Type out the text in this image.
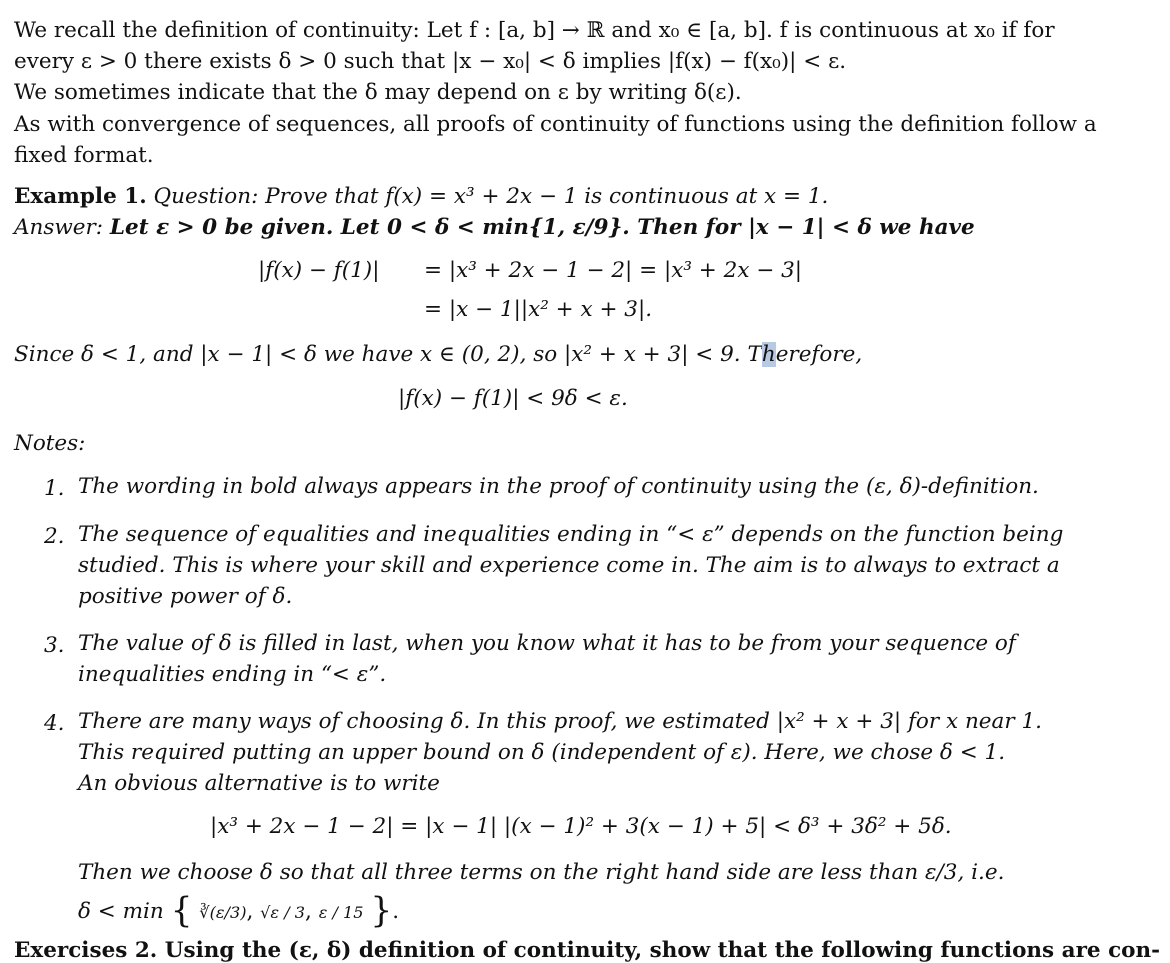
We recall the definition of continuity: Let f : [a, b] → ℝ and x₀ ∈ [a, b]. f is continuous at x₀ if for
every ε > 0 there exists δ > 0 such that |x − x₀| < δ implies |f(x) − f(x₀)| < ε.
We sometimes indicate that the δ may depend on ε by writing δ(ε).
As with convergence of sequences, all proofs of continuity of functions using the definition follow a
fixed format.
Example 1. Question: Prove that f(x) = x³ + 2x − 1 is continuous at x = 1.
Answer: Let ε > 0 be given. Let 0 < δ < min{1, ε/9}. Then for |x − 1| < δ we have
|f(x) − f(1)| = |x³ + 2x − 1 − 2| = |x³ + 2x − 3|
= |x − 1||x² + x + 3|.
Since δ < 1, and |x − 1| < δ we have x ∈ (0, 2), so |x² + x + 3| < 9. Therefore,
|f(x) − f(1)| < 9δ < ε.
Notes:
1. The wording in bold always appears in the proof of continuity using the (ε, δ)-definition.
2. The sequence of equalities and inequalities ending in “< ε” depends on the function being
studied. This is where your skill and experience come in. The aim is to always to extract a
positive power of δ.
3. The value of δ is filled in last, when you know what it has to be from your sequence of
inequalities ending in “< ε”.
4. There are many ways of choosing δ. In this proof, we estimated |x² + x + 3| for x near 1.
This required putting an upper bound on δ (independent of ε). Here, we chose δ < 1.
An obvious alternative is to write
|x³ + 2x − 1 − 2| = |x − 1| |(x − 1)² + 3(x − 1) + 5| < δ³ + 3δ² + 5δ.
Then we choose δ so that all three terms on the right hand side are less than ε/3, i.e.
δ < min { ∛(ε/3), √ε / 3, ε / 15 }.
Exercises 2. Using the (ε, δ) definition of continuity, show that the following functions are con-
